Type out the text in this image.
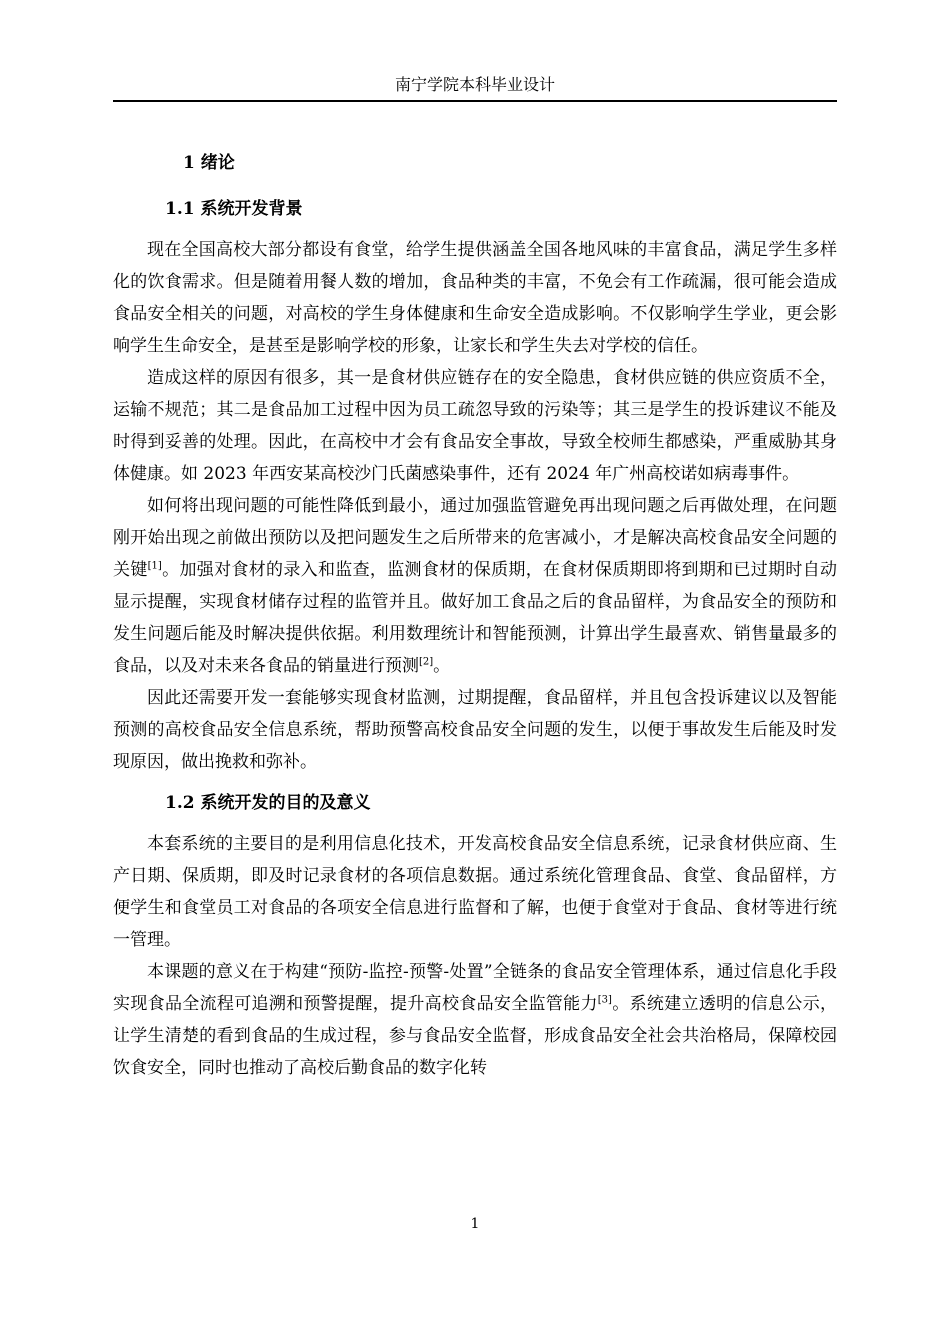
南宁学院本科毕业设计
1 绪论
1.1 系统开发背景

现在全国高校大部分都设有食堂，给学生提供涵盖全国各地风味的丰富食品，满足学生多样化的饮食需求。但是随着用餐人数的增加，食品种类的丰富，不免会有工作疏漏，很可能会造成食品安全相关的问题，对高校的学生身体健康和生命安全造成影响。不仅影响学生学业，更会影响学生生命安全，是甚至是影响学校的形象，让家长和学生失去对学校的信任。

造成这样的原因有很多，其一是食材供应链存在的安全隐患，食材供应链的供应资质不全，运输不规范；其二是食品加工过程中因为员工疏忽导致的污染等；其三是学生的投诉建议不能及时得到妥善的处理。因此，在高校中才会有食品安全事故，导致全校师生都感染，严重威胁其身体健康。如 2023 年西安某高校沙门氏菌感染事件，还有 2024 年广州高校诺如病毒事件。

如何将出现问题的可能性降低到最小，通过加强监管避免再出现问题之后再做处理，在问题刚开始出现之前做出预防以及把问题发生之后所带来的危害减小，才是解决高校食品安全问题的关键[1]。加强对食材的录入和监查，监测食材的保质期，在食材保质期即将到期和已过期时自动显示提醒，实现食材储存过程的监管并且。做好加工食品之后的食品留样，为食品安全的预防和发生问题后能及时解决提供依据。利用数理统计和智能预测，计算出学生最喜欢、销售量最多的食品，以及对未来各食品的销量进行预测[2]。

因此还需要开发一套能够实现食材监测，过期提醒，食品留样，并且包含投诉建议以及智能预测的高校食品安全信息系统，帮助预警高校食品安全问题的发生，以便于事故发生后能及时发现原因，做出挽救和弥补。

1.2 系统开发的目的及意义

本套系统的主要目的是利用信息化技术，开发高校食品安全信息系统，记录食材供应商、生产日期、保质期，即及时记录食材的各项信息数据。通过系统化管理食品、食堂、食品留样，方便学生和食堂员工对食品的各项安全信息进行监督和了解，也便于食堂对于食品、食材等进行统一管理。

本课题的意义在于构建“预防-监控-预警-处置”全链条的食品安全管理体系，通过信息化手段实现食品全流程可追溯和预警提醒，提升高校食品安全监管能力[3]。系统建立透明的信息公示，让学生清楚的看到食品的生成过程，参与食品安全监督，形成食品安全社会共治格局，保障校园饮食安全，同时也推动了高校后勤食品的数字化转

1
